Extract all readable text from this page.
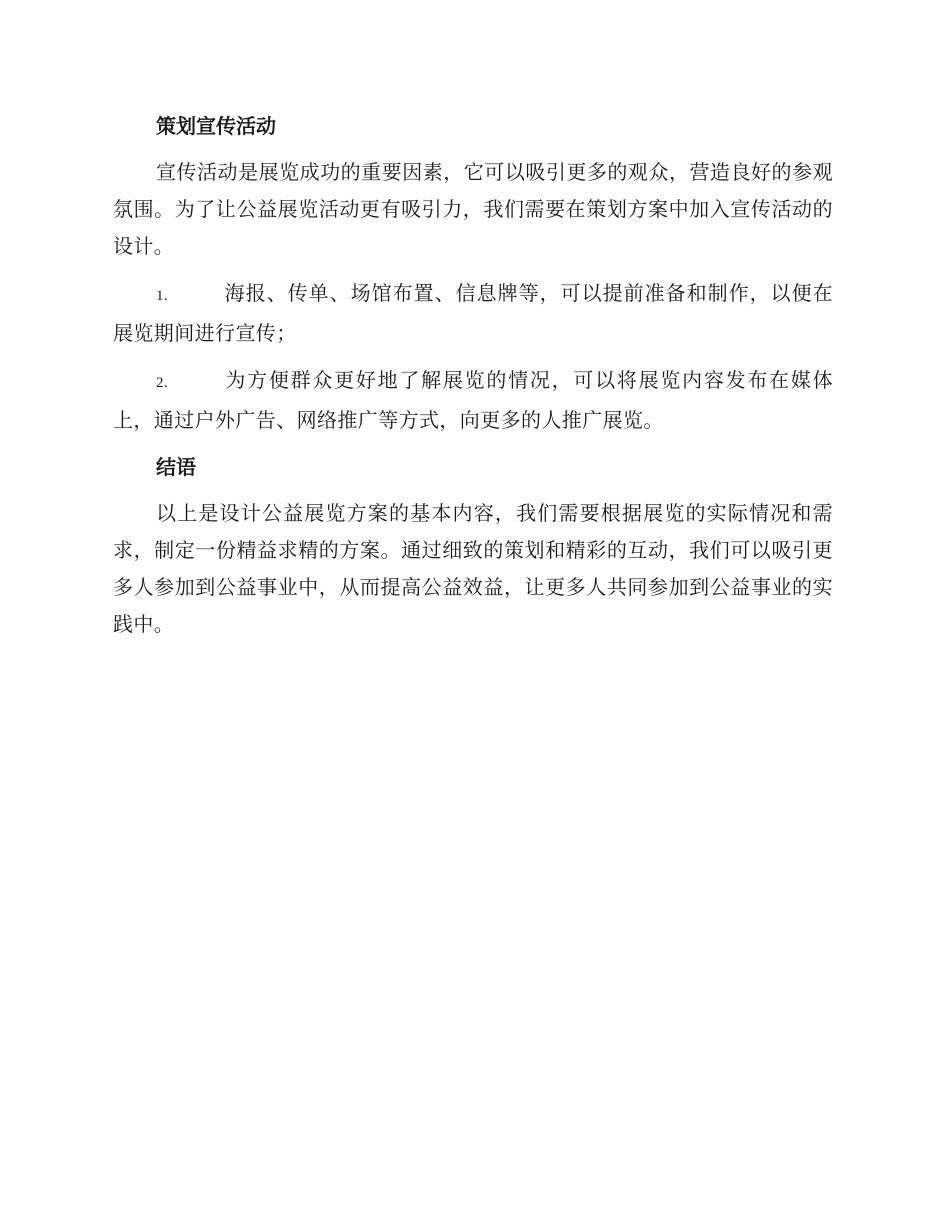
策划宣传活动

宣传活动是展览成功的重要因素，它可以吸引更多的观众，营造良好的参观氛围。为了让公益展览活动更有吸引力，我们需要在策划方案中加入宣传活动的设计。

1.	海报、传单、场馆布置、信息牌等，可以提前准备和制作，以便在展览期间进行宣传；

2.	为方便群众更好地了解展览的情况，可以将展览内容发布在媒体上，通过户外广告、网络推广等方式，向更多的人推广展览。

结语

以上是设计公益展览方案的基本内容，我们需要根据展览的实际情况和需求，制定一份精益求精的方案。通过细致的策划和精彩的互动，我们可以吸引更多人参加到公益事业中，从而提高公益效益，让更多人共同参加到公益事业的实践中。
